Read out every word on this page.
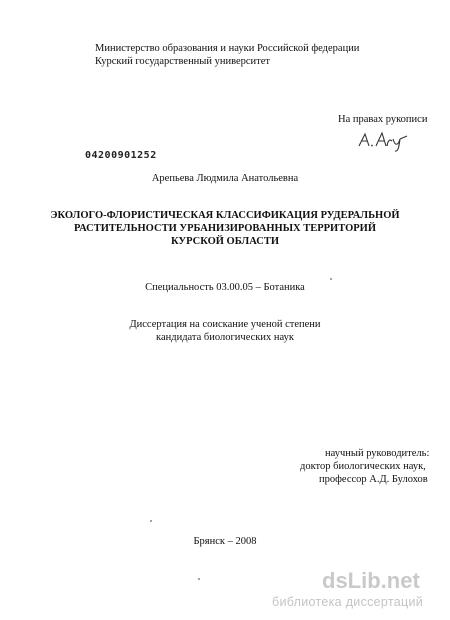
Министерство образования и науки Российской федерации
Курский государственный университет
На правах рукописи
04200901252
Арепьева Людмила Анатольевна
ЭКОЛОГО-ФЛОРИСТИЧЕСКАЯ КЛАССИФИКАЦИЯ РУДЕРАЛЬНОЙ
РАСТИТЕЛЬНОСТИ УРБАНИЗИРОВАННЫХ ТЕРРИТОРИЙ
КУРСКОЙ ОБЛАСТИ
Специальность 03.00.05 – Ботаника
Диссертация на соискание ученой степени
кандидата биологических наук
научный руководитель:
доктор биологических наук,
профессор А.Д. Булохов
Брянск – 2008
dsLib.net
библиотека диссертаций
